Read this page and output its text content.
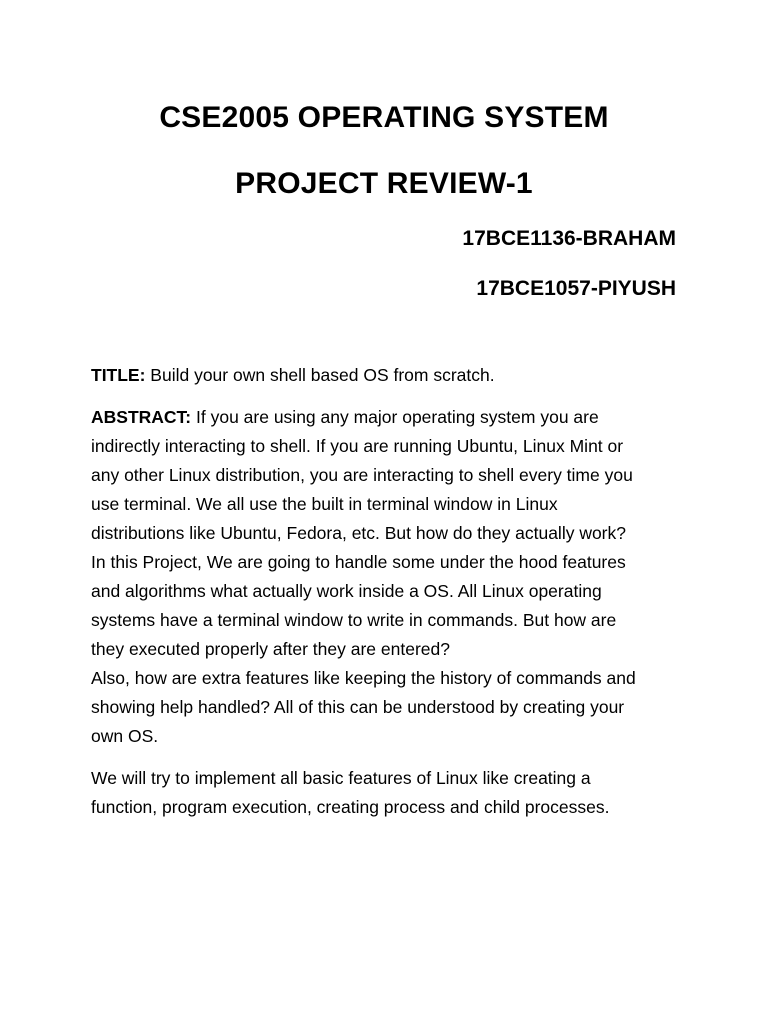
CSE2005 OPERATING SYSTEM
PROJECT REVIEW-1
17BCE1136-BRAHAM
17BCE1057-PIYUSH
TITLE: Build your own shell based OS from scratch.
ABSTRACT: If you are using any major operating system you are
indirectly interacting to shell. If you are running Ubuntu, Linux Mint or
any other Linux distribution, you are interacting to shell every time you
use terminal. We all use the built in terminal window in Linux
distributions like Ubuntu, Fedora, etc. But how do they actually work?
In this Project, We are going to handle some under the hood features
and algorithms what actually work inside a OS. All Linux operating
systems have a terminal window to write in commands. But how are
they executed properly after they are entered?
Also, how are extra features like keeping the history of commands and
showing help handled? All of this can be understood by creating your
own OS.
We will try to implement all basic features of Linux like creating a
function, program execution, creating process and child processes.
